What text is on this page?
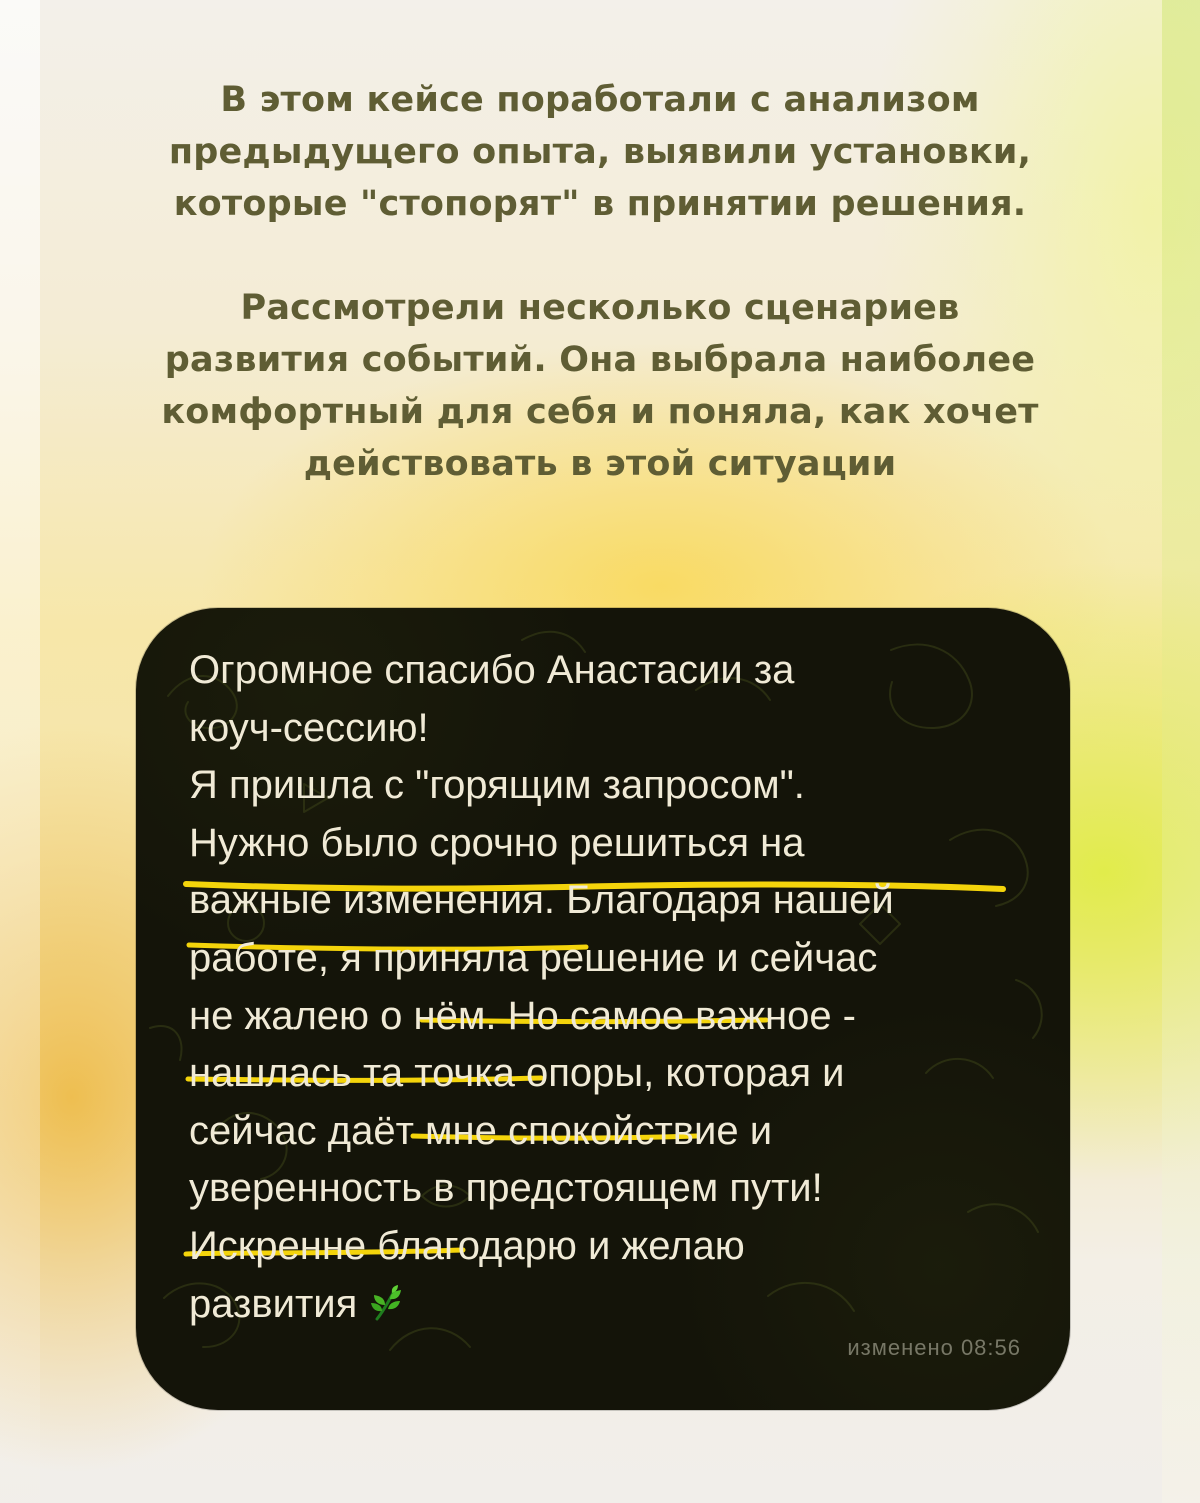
В этом кейсе поработали с анализом
предыдущего опыта, выявили установки,
которые "стопорят" в принятии решения.

Рассмотрели несколько сценариев
развития событий. Она выбрала наиболее
комфортный для себя и поняла, как хочет
действовать в этой ситуации

Огромное спасибо Анастасии за
коуч-сессию!
Я пришла с "горящим запросом".
Нужно было срочно решиться на
важные изменения. Благодаря нашей
работе, я приняла решение и сейчас
не жалею о нём. Но самое важное -
нашлась та точка опоры, которая и
сейчас даёт мне спокойствие и
уверенность в предстоящем пути!
Искренне благодарю и желаю
развития
изменено 08:56
